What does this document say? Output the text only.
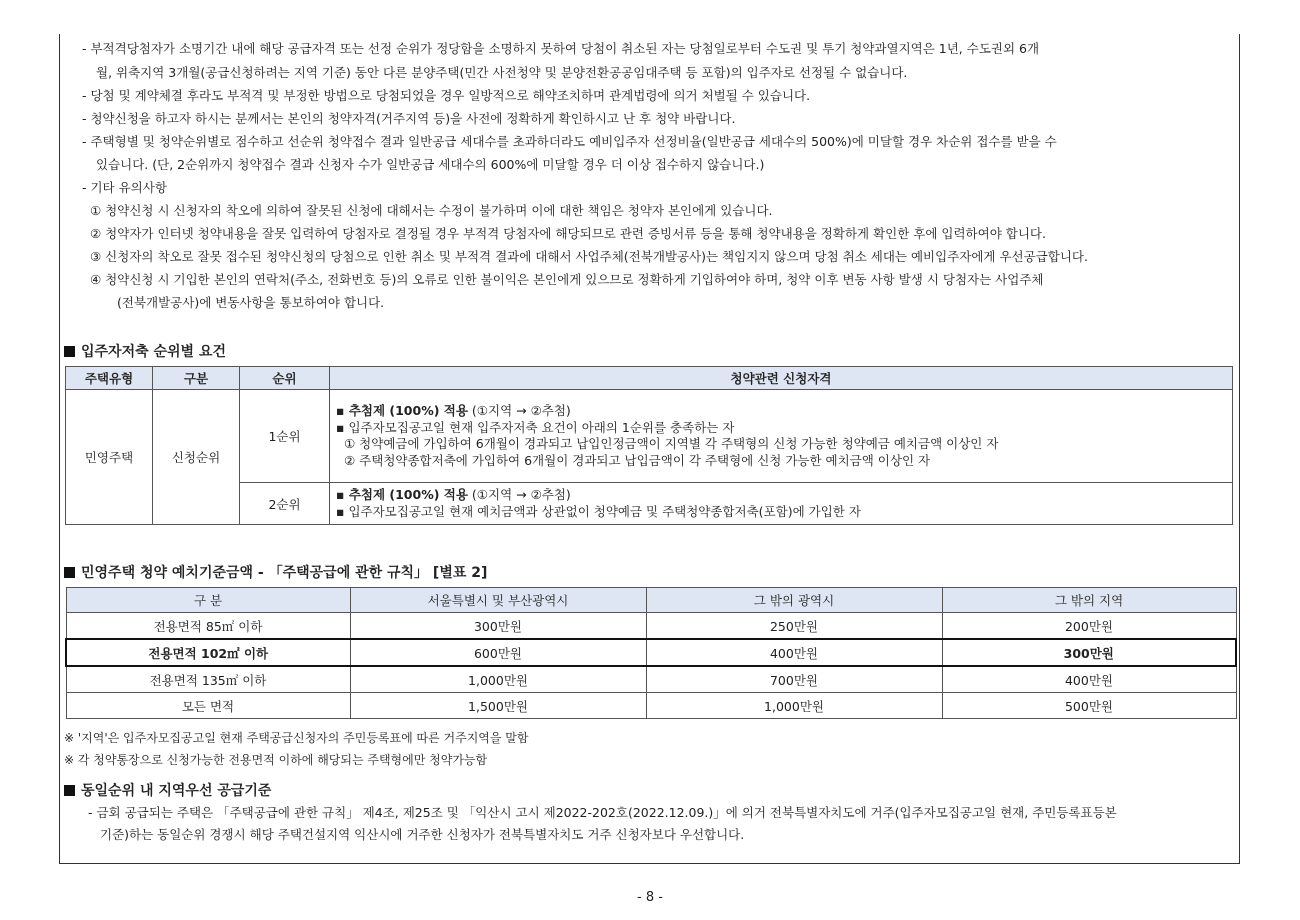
- 부적격당첨자가 소명기간 내에 해당 공급자격 또는 선정 순위가 정당함을 소명하지 못하여 당첨이 취소된 자는 당첨일로부터 수도권 및 투기 청약과열지역은 1년, 수도권외 6개
월, 위축지역 3개월(공급신청하려는 지역 기준) 동안 다른 분양주택(민간 사전청약 및 분양전환공공임대주택 등 포함)의 입주자로 선정될 수 없습니다.
- 당첨 및 계약체결 후라도 부적격 및 부정한 방법으로 당첨되었을 경우 일방적으로 해약조치하며 관계법령에 의거 처벌될 수 있습니다.
- 청약신청을 하고자 하시는 분께서는 본인의 청약자격(거주지역 등)을 사전에 정확하게 확인하시고 난 후 청약 바랍니다.
- 주택형별 및 청약순위별로 점수하고 선순위 청약접수 결과 일반공급 세대수를 초과하더라도 예비입주자 선정비율(일반공급 세대수의 500%)에 미달할 경우 차순위 접수를 받을 수
있습니다. (단, 2순위까지 청약접수 결과 신청자 수가 일반공급 세대수의 600%에 미달할 경우 더 이상 접수하지 않습니다.)
- 기타 유의사항
① 청약신청 시 신청자의 착오에 의하여 잘못된 신청에 대해서는 수정이 불가하며 이에 대한 책임은 청약자 본인에게 있습니다.
② 청약자가 인터넷 청약내용을 잘못 입력하여 당첨자로 결정될 경우 부적격 당첨자에 해당되므로 관련 증빙서류 등을 통해 청약내용을 정확하게 확인한 후에 입력하여야 합니다.
③ 신청자의 착오로 잘못 접수된 청약신청의 당첨으로 인한 취소 및 부적격 결과에 대해서 사업주체(전북개발공사)는 책임지지 않으며 당첨 취소 세대는 예비입주자에게 우선공급합니다.
④ 청약신청 시 기입한 본인의 연락처(주소, 전화번호 등)의 오류로 인한 불이익은 본인에게 있으므로 정확하게 기입하여야 하며, 청약 이후 변동 사항 발생 시 당첨자는 사업주체
(전북개발공사)에 변동사항을 통보하여야 합니다.
입주자저축 순위별 요건
주택유형	구분	순위	청약관련 신청자격
민영주택	신청순위	1순위	▪ 추첨제 (100%) 적용 (①지역 → ②추첨)
▪ 입주자모집공고일 현재 입주자저축 요건이 아래의 1순위를 충족하는 자
① 청약예금에 가입하여 6개월이 경과되고 납입인정금액이 지역별 각 주택형의 신청 가능한 청약예금 예치금액 이상인 자
② 주택청약종합저축에 가입하여 6개월이 경과되고 납입금액이 각 주택형에 신청 가능한 예치금액 이상인 자

		2순위	▪ 추첨제 (100%) 적용 (①지역 → ②추첨)
▪ 입주자모집공고일 현재 예치금액과 상관없이 청약예금 및 주택청약종합저축(포함)에 가입한 자
민영주택 청약 예치기준금액 - 「주택공급에 관한 규칙」 [별표 2]
구 분	서울특별시 및 부산광역시	그 밖의 광역시	그 밖의 지역
전용면적 85㎡ 이하	300만원	250만원	200만원
전용면적 102㎡ 이하	600만원	400만원	300만원
전용면적 135㎡ 이하	1,000만원	700만원	400만원
모든 면적	1,500만원	1,000만원	500만원
※ '지역'은 입주자모집공고일 현재 주택공급신청자의 주민등록표에 따른 거주지역을 말함
※ 각 청약통장으로 신청가능한 전용면적 이하에 해당되는 주택형에만 청약가능함
동일순위 내 지역우선 공급기준
- 금회 공급되는 주택은 「주택공급에 관한 규칙」 제4조, 제25조 및 「익산시 고시 제2022-202호(2022.12.09.)」에 의거 전북특별자치도에 거주(입주자모집공고일 현재, 주민등록표등본
기준)하는 동일순위 경쟁시 해당 주택건설지역 익산시에 거주한 신청자가 전북특별자치도 거주 신청자보다 우선합니다.
- 8 -
